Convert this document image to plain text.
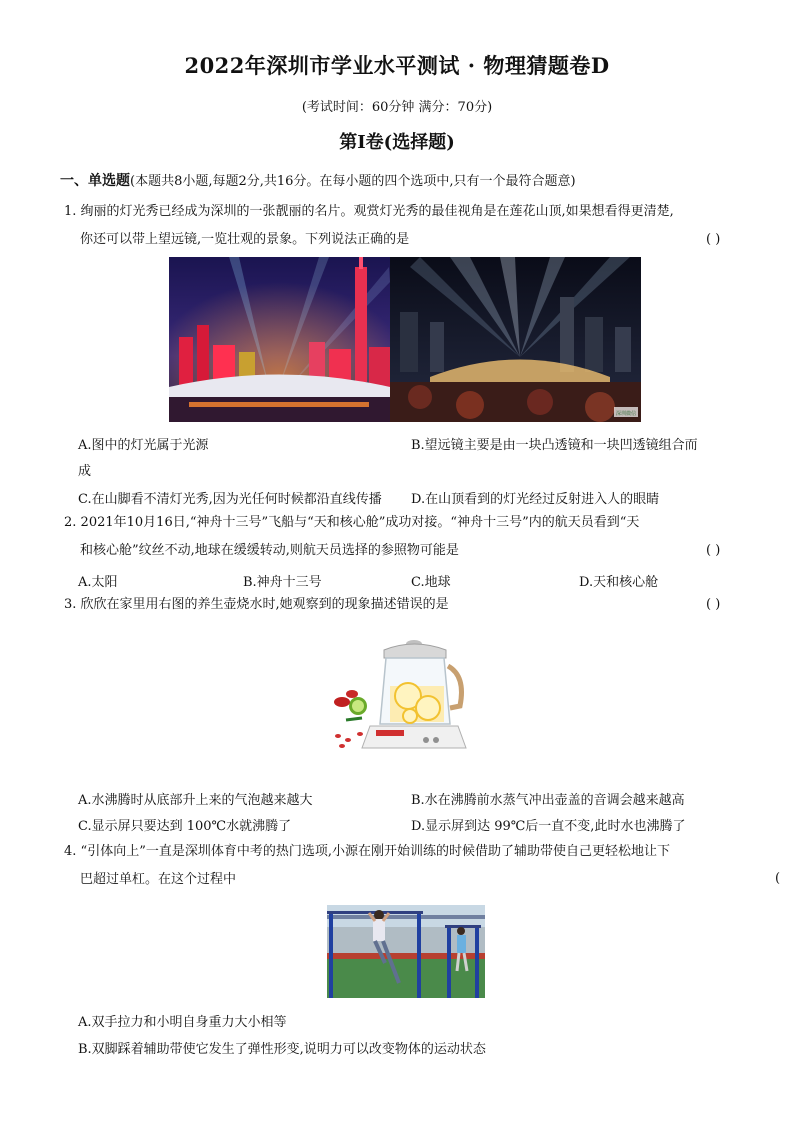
2022年深圳市学业水平测试 · 物理猜题卷D
(考试时间：60分钟 满分：70分)
第Ⅰ卷(选择题)
一、单选题(本题共8小题,每题2分,共16分。在每小题的四个选项中,只有一个最符合题意)
1. 绚丽的灯光秀已经成为深圳的一张靓丽的名片。观赏灯光秀的最佳视角是在莲花山顶,如果想看得更清楚,
你还可以带上望远镜,一览壮观的景象。下列说法正确的是	( )
深圳微信
A.图中的灯光属于光源	B.望远镜主要是由一块凸透镜和一块凹透镜组合而
成
C.在山脚看不清灯光秀,因为光任何时候都沿直线传播 D.在山顶看到的灯光经过反射进入人的眼睛
2. 2021年10月16日,“神舟十三号”飞船与“天和核心舱”成功对接。“神舟十三号”内的航天员看到“天
和核心舱”纹丝不动,地球在缓缓转动,则航天员选择的参照物可能是	( )
A.太阳	B.神舟十三号	C.地球	D.天和核心舱
3. 欣欣在家里用右图的养生壶烧水时,她观察到的现象描述错误的是	( )
A.水沸腾时从底部升上来的气泡越来越大	B.水在沸腾前水蒸气冲出壶盖的音调会越来越高
C.显示屏只要达到 100℃水就沸腾了	D.显示屏到达 99℃后一直不变,此时水也沸腾了
4. “引体向上”一直是深圳体育中考的热门选项,小源在刚开始训练的时候借助了辅助带使自己更轻松地让下
巴超过单杠。在这个过程中	(
A.双手拉力和小明自身重力大小相等
B.双脚踩着辅助带使它发生了弹性形变,说明力可以改变物体的运动状态
